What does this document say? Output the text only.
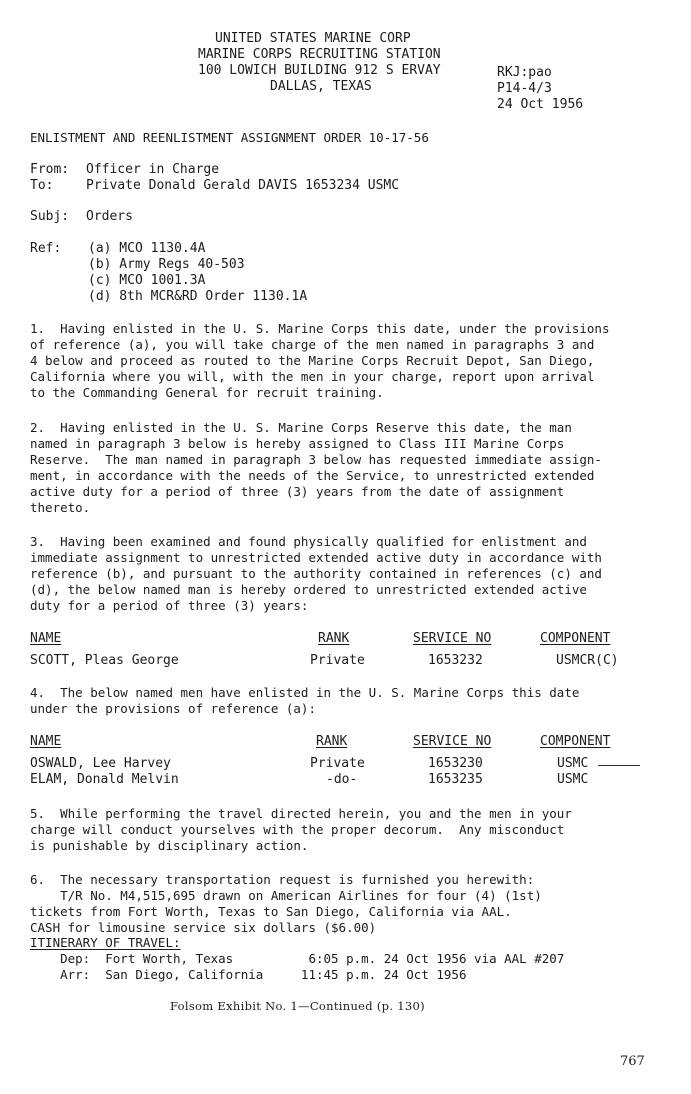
UNITED STATES MARINE CORP
MARINE CORPS RECRUITING STATION
100 LOWICH BUILDING 912 S ERVAY
DALLAS, TEXAS
RKJ:pao
P14-4/3
24 Oct 1956
ENLISTMENT AND REENLISTMENT ASSIGNMENT ORDER 10-17-56
From: Officer in Charge
To:	Private Donald Gerald DAVIS 1653234 USMC
Subj: Orders
Ref: (a) MCO 1130.4A
(b) Army Regs 40-503
(c) MCO 1001.3A
(d) 8th MCR&RD Order 1130.1A
1.  Having enlisted in the U. S. Marine Corps this date, under the provisions
of reference (a), you will take charge of the men named in paragraphs 3 and
4 below and proceed as routed to the Marine Corps Recruit Depot, San Diego,
California where you will, with the men in your charge, report upon arrival
to the Commanding General for recruit training.
2.  Having enlisted in the U. S. Marine Corps Reserve this date, the man
named in paragraph 3 below is hereby assigned to Class III Marine Corps
Reserve.  The man named in paragraph 3 below has requested immediate assign-
ment, in accordance with the needs of the Service, to unrestricted extended
active duty for a period of three (3) years from the date of assignment
thereto.
3.  Having been examined and found physically qualified for enlistment and
immediate assignment to unrestricted extended active duty in accordance with
reference (b), and pursuant to the authority contained in references (c) and
(d), the below named man is hereby ordered to unrestricted extended active
duty for a period of three (3) years:
NAME	RANK	SERVICE NO	COMPONENT
SCOTT, Pleas George	Private	1653232	USMCR(C)
4.  The below named men have enlisted in the U. S. Marine Corps this date
under the provisions of reference (a):
NAME	RANK	SERVICE NO	COMPONENT
OSWALD, Lee Harvey	Private	1653230	USMC
ELAM, Donald Melvin	-do-	1653235	USMC
5.  While performing the travel directed herein, you and the men in your
charge will conduct yourselves with the proper decorum.  Any misconduct
is punishable by disciplinary action.
6.  The necessary transportation request is furnished you herewith:
T/R No. M4,515,695 drawn on American Airlines for four (4) (1st)
tickets from Fort Worth, Texas to San Diego, California via AAL.
CASH for limousine service six dollars ($6.00)
ITINERARY OF TRAVEL:
Dep:  Fort Worth, Texas          6:05 p.m. 24 Oct 1956 via AAL #207
Arr:  San Diego, California     11:45 p.m. 24 Oct 1956
Folsom Exhibit No. 1—Continued (p. 130)
767
